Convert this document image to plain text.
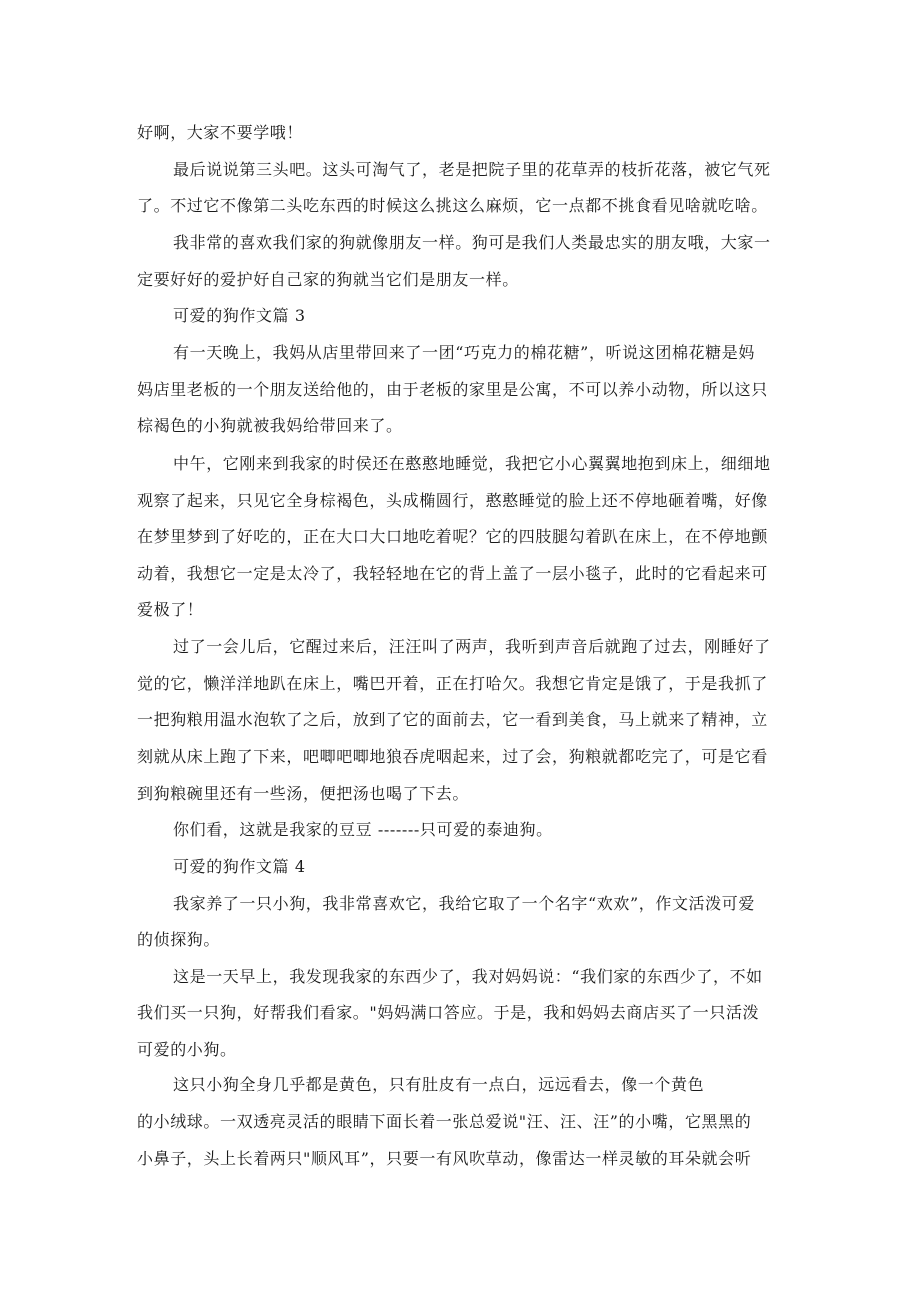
好啊，大家不要学哦！

最后说说第三头吧。这头可淘气了，老是把院子里的花草弄的枝折花落，被它气死

了。不过它不像第二头吃东西的时候这么挑这么麻烦，它一点都不挑食看见啥就吃啥。

我非常的喜欢我们家的狗就像朋友一样。狗可是我们人类最忠实的朋友哦，大家一

定要好好的爱护好自己家的狗就当它们是朋友一样。

可爱的狗作文篇 3

有一天晚上，我妈从店里带回来了一团“巧克力的棉花糖”，听说这团棉花糖是妈

妈店里老板的一个朋友送给他的，由于老板的家里是公寓，不可以养小动物，所以这只

棕褐色的小狗就被我妈给带回来了。

中午，它刚来到我家的时侯还在憨憨地睡觉，我把它小心翼翼地抱到床上，细细地

观察了起来，只见它全身棕褐色，头成椭圆行，憨憨睡觉的脸上还不停地砸着嘴，好像

在梦里梦到了好吃的，正在大口大口地吃着呢？它的四肢腿勾着趴在床上，在不停地颤

动着，我想它一定是太冷了，我轻轻地在它的背上盖了一层小毯子，此时的它看起来可

爱极了！

过了一会儿后，它醒过来后，汪汪叫了两声，我听到声音后就跑了过去，刚睡好了

觉的它，懒洋洋地趴在床上，嘴巴开着，正在打哈欠。我想它肯定是饿了，于是我抓了

一把狗粮用温水泡软了之后，放到了它的面前去，它一看到美食，马上就来了精神，立

刻就从床上跑了下来，吧唧吧唧地狼吞虎咽起来，过了会，狗粮就都吃完了，可是它看

到狗粮碗里还有一些汤，便把汤也喝了下去。

你们看，这就是我家的豆豆 -------只可爱的泰迪狗。

可爱的狗作文篇 4

我家养了一只小狗，我非常喜欢它，我给它取了一个名字“欢欢”，作文活泼可爱

的侦探狗。

这是一天早上，我发现我家的东西少了，我对妈妈说：“我们家的东西少了，不如

我们买一只狗，好帮我们看家。"妈妈满口答应。于是，我和妈妈去商店买了一只活泼

可爱的小狗。

这只小狗全身几乎都是黄色，只有肚皮有一点白，远远看去，像一个黄色

的小绒球。一双透亮灵活的眼睛下面长着一张总爱说"汪、汪、汪”的小嘴，它黑黑的

小鼻子，头上长着两只"顺风耳”，只要一有风吹草动，像雷达一样灵敏的耳朵就会听
